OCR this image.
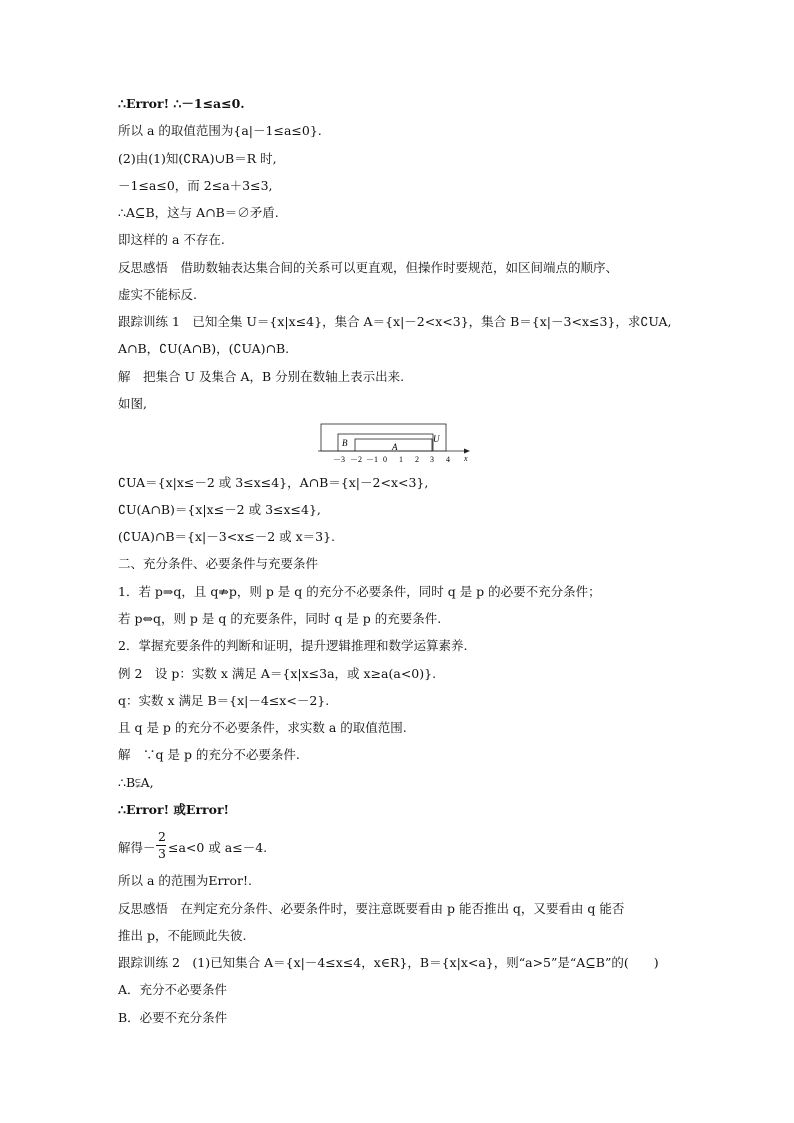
∴Error! ∴－1≤a≤0.
所以 a 的取值范围为{a|－1≤a≤0}.
(2)由(1)知(∁RA)∪B＝R 时,
－1≤a≤0，而 2≤a＋3≤3,
∴A⊆B，这与 A∩B＝∅矛盾.
即这样的 a 不存在.
反思感悟　借助数轴表达集合间的关系可以更直观，但操作时要规范，如区间端点的顺序、
虚实不能标反.
跟踪训练 1　已知全集 U＝{x|x≤4}，集合 A＝{x|－2<x<3}，集合 B＝{x|－3<x≤3}，求∁UA,
A∩B，∁U(A∩B)，(∁UA)∩B.
解　把集合 U 及集合 A，B 分别在数轴上表示出来.
如图,
B	A
U
－3 －2 －1 0 1 2 3 4 x
∁UA＝{x|x≤－2 或 3≤x≤4}，A∩B＝{x|－2<x<3},
∁U(A∩B)＝{x|x≤－2 或 3≤x≤4},
(∁UA)∩B＝{x|－3<x≤－2 或 x＝3}.
二、充分条件、必要条件与充要条件
1．若 p⇒q，且 q⇏p，则 p 是 q 的充分不必要条件，同时 q 是 p 的必要不充分条件；
若 p⇔q，则 p 是 q 的充要条件，同时 q 是 p 的充要条件.
2．掌握充要条件的判断和证明，提升逻辑推理和数学运算素养.
例 2　设 p：实数 x 满足 A＝{x|x≤3a，或 x≥a(a<0)}.
q：实数 x 满足 B＝{x|－4≤x<－2}.
且 q 是 p 的充分不必要条件，求实数 a 的取值范围.
解　∵q 是 p 的充分不必要条件.
∴B⫋A,
∴Error! 或Error!
解得－
2
3 ≤a<0 或 a≤－4.
所以 a 的范围为Error!.
反思感悟　在判定充分条件、必要条件时，要注意既要看由 p 能否推出 q，又要看由 q 能否
推出 p，不能顾此失彼.
跟踪训练 2　(1)已知集合 A＝{x|－4≤x≤4，x∈R}，B＝{x|x<a}，则“a>5”是“A⊆B”的(　　)
A．充分不必要条件
B．必要不充分条件
